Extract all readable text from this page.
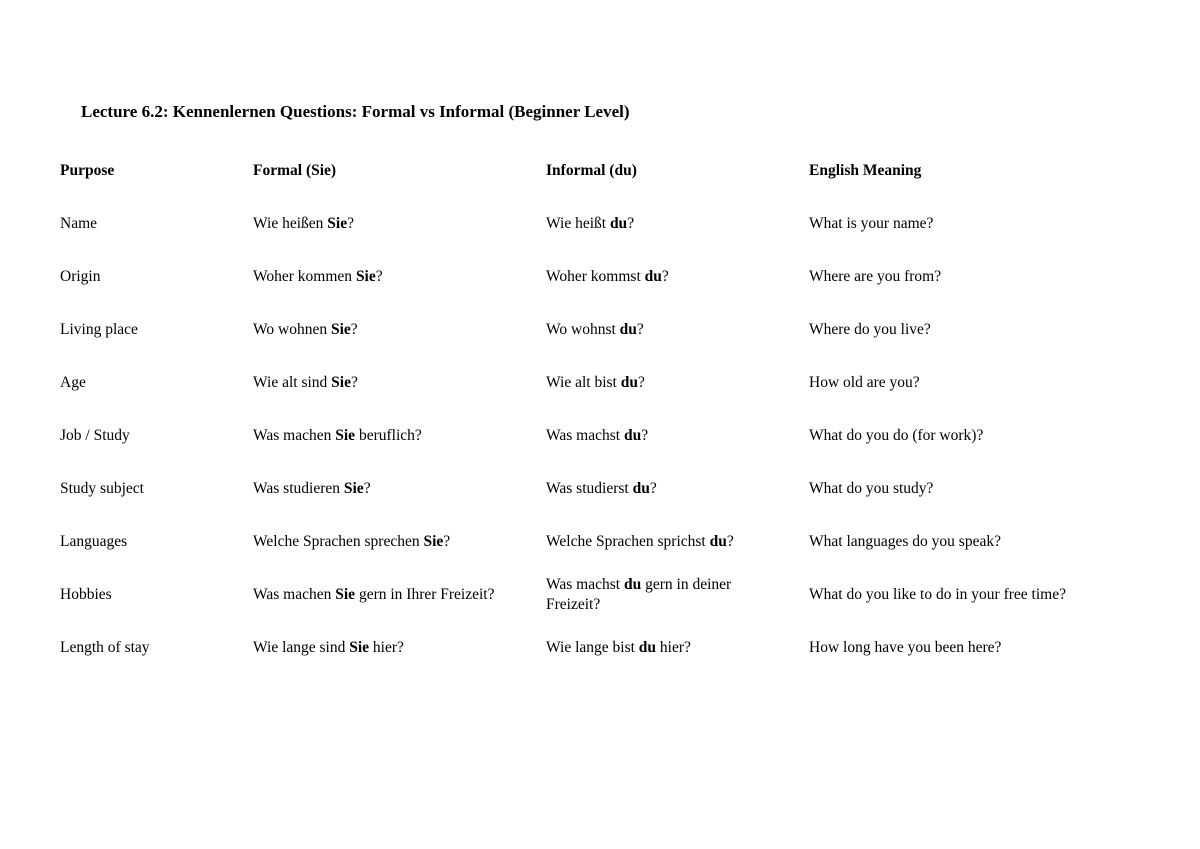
Lecture 6.2: Kennenlernen Questions: Formal vs Informal (Beginner Level)
Purpose	Formal (Sie)	Informal (du)	English Meaning
Name	Wie heißen Sie?	Wie heißt du?	What is your name?
Origin	Woher kommen Sie?	Woher kommst du?	Where are you from?
Living place	Wo wohnen Sie?	Wo wohnst du?	Where do you live?
Age	Wie alt sind Sie?	Wie alt bist du?	How old are you?
Job / Study	Was machen Sie beruflich?	Was machst du?	What do you do (for work)?
Study subject	Was studieren Sie?	Was studierst du?	What do you study?
Languages	Welche Sprachen sprechen Sie?	Welche Sprachen sprichst du?	What languages do you speak?
Hobbies	Was machen Sie gern in Ihrer Freizeit?	Was machst du gern in deiner Freizeit?	What do you like to do in your free time?
Length of stay	Wie lange sind Sie hier?	Wie lange bist du hier?	How long have you been here?
